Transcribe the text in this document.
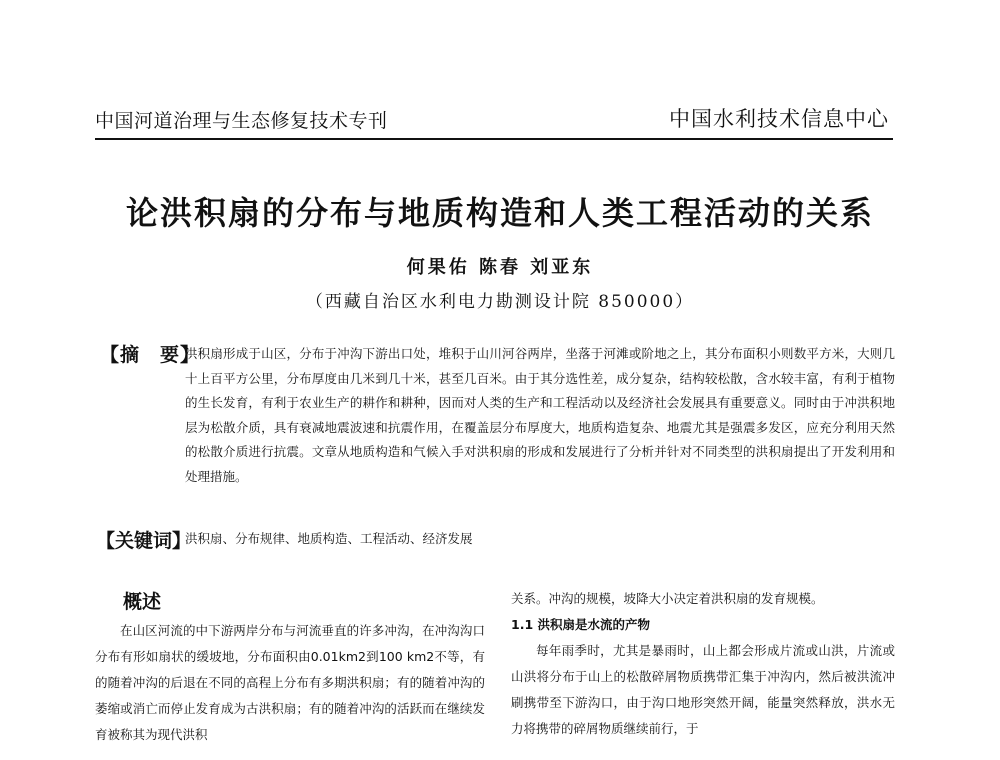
中国河道治理与生态修复技术专刊	中国水利技术信息中心
论洪积扇的分布与地质构造和人类工程活动的关系
何果佑 陈春 刘亚东
（西藏自治区水利电力勘测设计院 850000）
【摘　要】
洪积扇形成于山区，分布于冲沟下游出口处，堆积于山川河谷两岸，坐落于河滩或阶地之上，其分布面积小则数平方米，大则几十上百平方公里，分布厚度由几米到几十米，甚至几百米。由于其分选性差，成分复杂，结构较松散，含水较丰富，有利于植物的生长发育，有利于农业生产的耕作和耕种，因而对人类的生产和工程活动以及经济社会发展具有重要意义。同时由于冲洪积地层为松散介质，具有衰减地震波速和抗震作用，在覆盖层分布厚度大，地质构造复杂、地震尤其是强震多发区，应充分利用天然的松散介质进行抗震。文章从地质构造和气候入手对洪积扇的形成和发展进行了分析并针对不同类型的洪积扇提出了开发利用和处理措施。
【关键词】
洪积扇、分布规律、地质构造、工程活动、经济发展
概述

在山区河流的中下游两岸分布与河流垂直的许多冲沟，在冲沟沟口分布有形如扇状的缓坡地，分布面积由0.01km2到100 km2不等，有的随着冲沟的后退在不同的高程上分布有多期洪积扇；有的随着冲沟的萎缩或消亡而停止发育成为古洪积扇；有的随着冲沟的活跃而在继续发育被称其为现代洪积

关系。冲沟的规模，坡降大小决定着洪积扇的发育规模。

1.1 洪积扇是水流的产物

每年雨季时，尤其是暴雨时，山上都会形成片流或山洪，片流或山洪将分布于山上的松散碎屑物质携带汇集于冲沟内，然后被洪流冲刷携带至下游沟口，由于沟口地形突然开阔，能量突然释放，洪水无力将携带的碎屑物质继续前行，于
